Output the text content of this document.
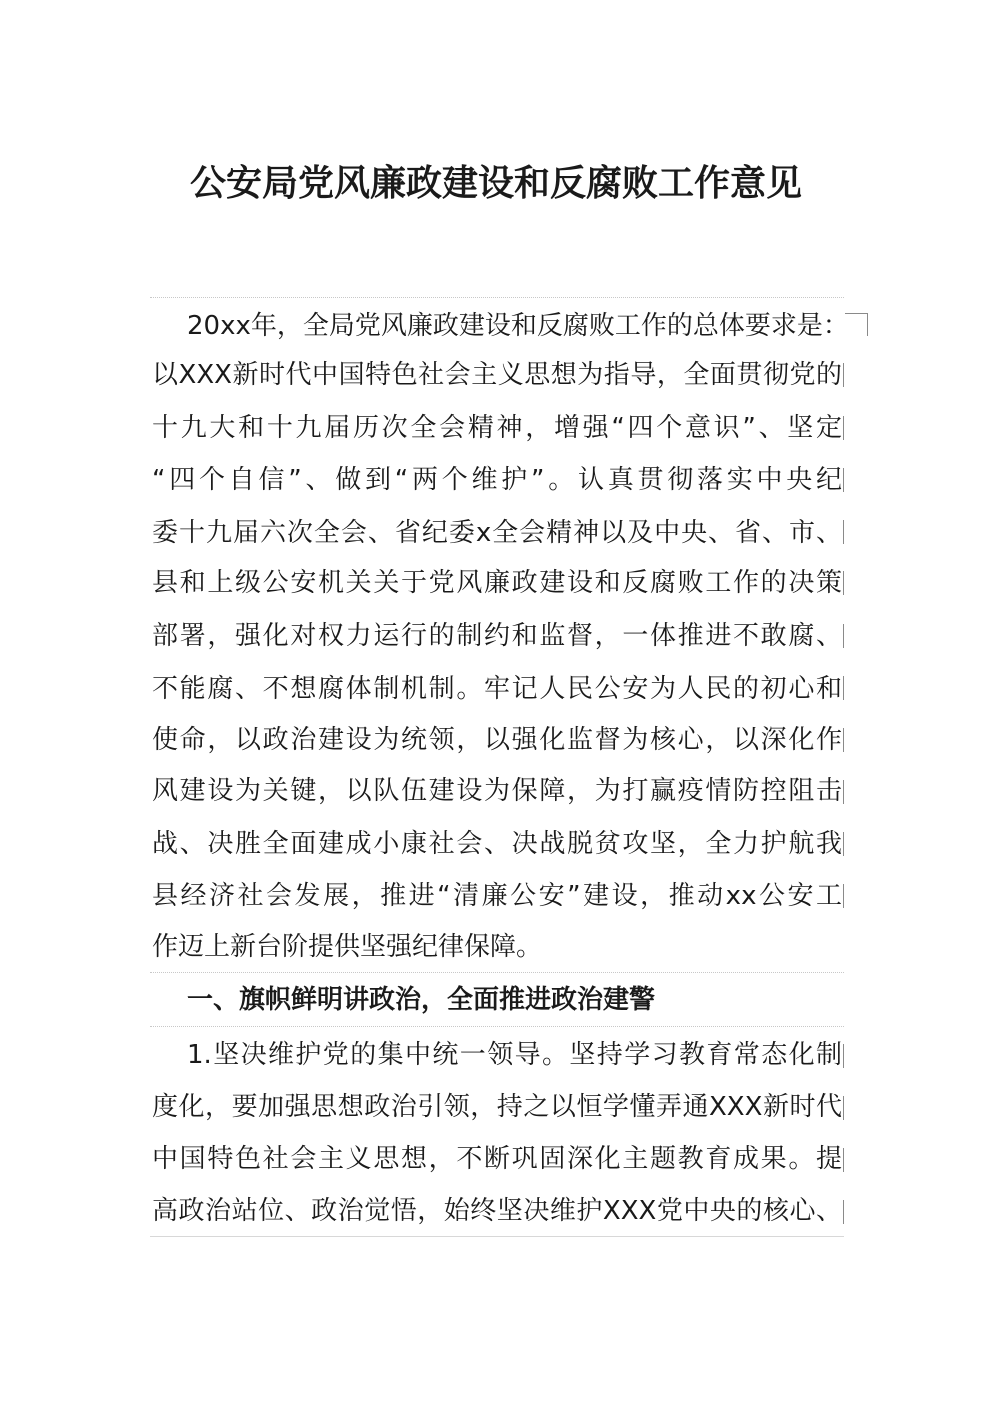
公安局党风廉政建设和反腐败工作意见
20xx年，全局党风廉政建设和反腐败工作的总体要求是：
以XXX新时代中国特色社会主义思想为指导，全面贯彻党的
十九大和十九届历次全会精神，增强“四个意识”、坚定
“四个自信”、做到“两个维护”。认真贯彻落实中央纪
委十九届六次全会、省纪委x全会精神以及中央、省、市、
县和上级公安机关关于党风廉政建设和反腐败工作的决策
部署，强化对权力运行的制约和监督，一体推进不敢腐、
不能腐、不想腐体制机制。牢记人民公安为人民的初心和
使命，以政治建设为统领，以强化监督为核心，以深化作
风建设为关键，以队伍建设为保障，为打赢疫情防控阻击
战、决胜全面建成小康社会、决战脱贫攻坚，全力护航我
县经济社会发展，推进“清廉公安”建设，推动xx公安工
作迈上新台阶提供坚强纪律保障。
一、旗帜鲜明讲政治，全面推进政治建警
1.坚决维护党的集中统一领导。坚持学习教育常态化制
度化，要加强思想政治引领，持之以恒学懂弄通XXX新时代
中国特色社会主义思想，不断巩固深化主题教育成果。提
高政治站位、政治觉悟，始终坚决维护XXX党中央的核心、
